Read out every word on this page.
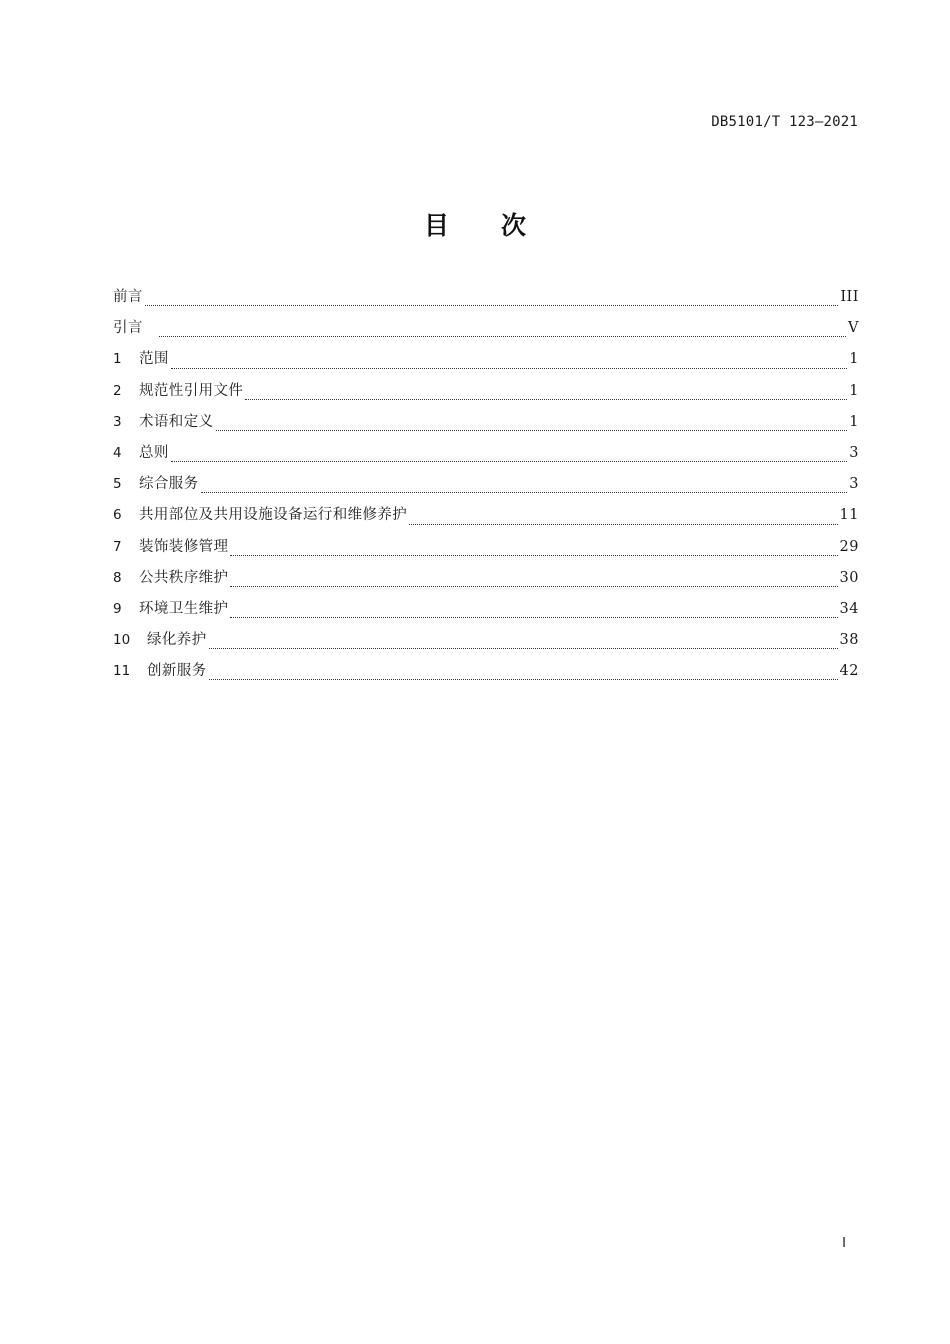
DB5101/T 123—2021
目次
前言	III
引言	V
1	范围	1
2	规范性引用文件	1
3	术语和定义	1
4	总则	3
5	综合服务	3
6	共用部位及共用设施设备运行和维修养护	11
7	装饰装修管理	29
8	公共秩序维护	30
9	环境卫生维护	34
10	绿化养护	38
11	创新服务	42
I
